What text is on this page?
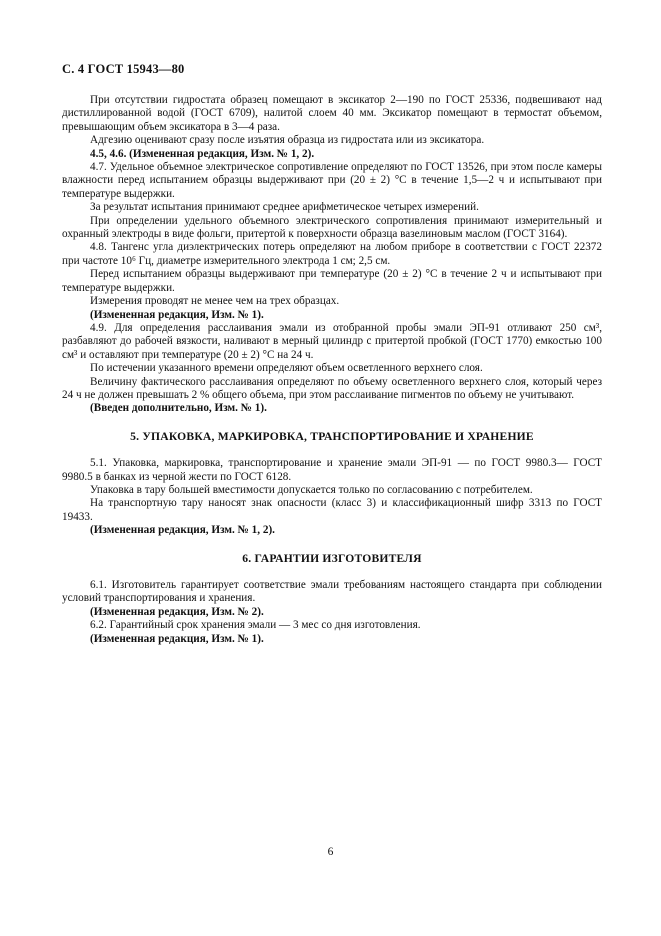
С. 4 ГОСТ 15943—80

При отсутствии гидростата образец помещают в эксикатор 2—190 по ГОСТ 25336, подвешивают над дистиллированной водой (ГОСТ 6709), налитой слоем 40 мм. Эксикатор помещают в термостат объемом, превышающим объем эксикатора в 3—4 раза.

Адгезию оценивают сразу после изъятия образца из гидростата или из эксикатора.

4.5, 4.6. (Измененная редакция, Изм. № 1, 2).

4.7. Удельное объемное электрическое сопротивление определяют по ГОСТ 13526, при этом после камеры влажности перед испытанием образцы выдерживают при (20 ± 2) °С в течение 1,5—2 ч и испытывают при температуре выдержки.

За результат испытания принимают среднее арифметическое четырех измерений.

При определении удельного объемного электрического сопротивления принимают измерительный и охранный электроды в виде фольги, притертой к поверхности образца вазелиновым маслом (ГОСТ 3164).

4.8. Тангенс угла диэлектрических потерь определяют на любом приборе в соответствии с ГОСТ 22372 при частоте 10⁶ Гц, диаметре измерительного электрода 1 см; 2,5 см.

Перед испытанием образцы выдерживают при температуре (20 ± 2) °С в течение 2 ч и испытывают при температуре выдержки.

Измерения проводят не менее чем на трех образцах.

(Измененная редакция, Изм. № 1).

4.9. Для определения расслаивания эмали из отобранной пробы эмали ЭП-91 отливают 250 см³, разбавляют до рабочей вязкости, наливают в мерный цилиндр с притертой пробкой (ГОСТ 1770) емкостью 100 см³ и оставляют при температуре (20 ± 2) °С на 24 ч.

По истечении указанного времени определяют объем осветленного верхнего слоя.

Величину фактического расслаивания определяют по объему осветленного верхнего слоя, который через 24 ч не должен превышать 2 % общего объема, при этом расслаивание пигментов по объему не учитывают.

(Введен дополнительно, Изм. № 1).

5. УПАКОВКА, МАРКИРОВКА, ТРАНСПОРТИРОВАНИЕ И ХРАНЕНИЕ

5.1. Упаковка, маркировка, транспортирование и хранение эмали ЭП-91 — по ГОСТ 9980.3— ГОСТ 9980.5 в банках из черной жести по ГОСТ 6128.

Упаковка в тару большей вместимости допускается только по согласованию с потребителем.

На транспортную тару наносят знак опасности (класс 3) и классификационный шифр 3313 по ГОСТ 19433.

(Измененная редакция, Изм. № 1, 2).

6. ГАРАНТИИ ИЗГОТОВИТЕЛЯ

6.1. Изготовитель гарантирует соответствие эмали требованиям настоящего стандарта при соблюдении условий транспортирования и хранения.

(Измененная редакция, Изм. № 2).

6.2. Гарантийный срок хранения эмали — 3 мес со дня изготовления.

(Измененная редакция, Изм. № 1).

6
